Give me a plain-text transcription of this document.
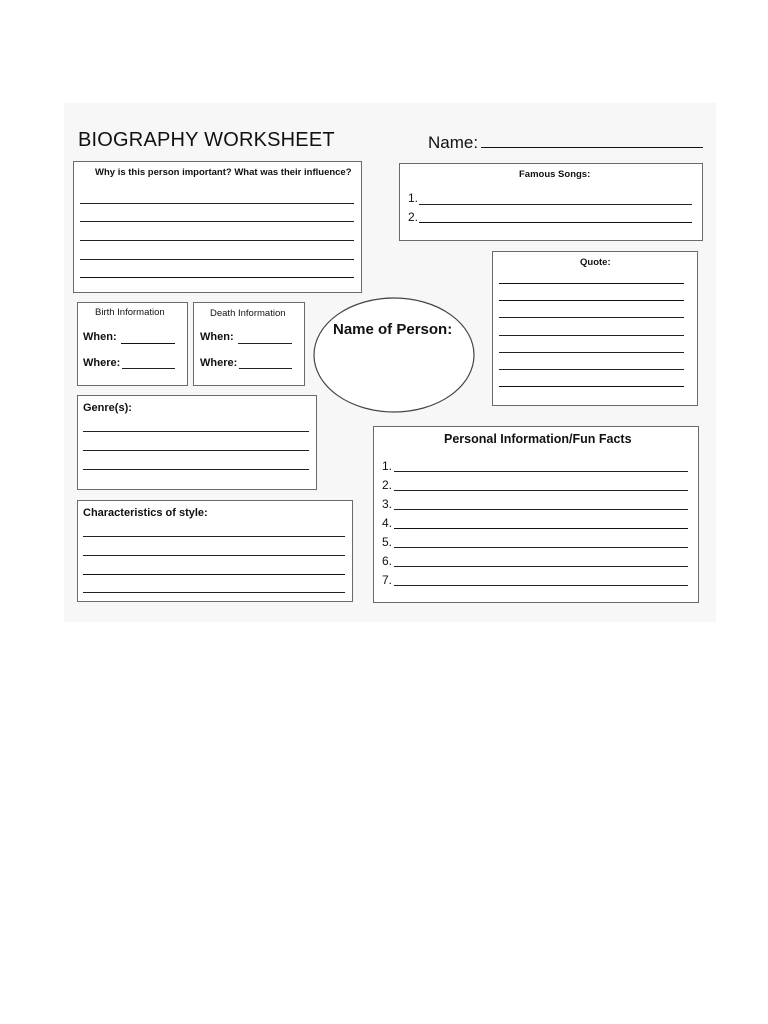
BIOGRAPHY WORKSHEET	Name:
Why is this person important? What was their influence?	Famous Songs:
1.
2.
Quote:
Birth Information
When:
Where:
Death Information
When:
Where:
Name of Person:
Genre(s):
Personal Information/Fun Facts
1.
2.
3.
4.
5.
6.
7.
Characteristics of style:
